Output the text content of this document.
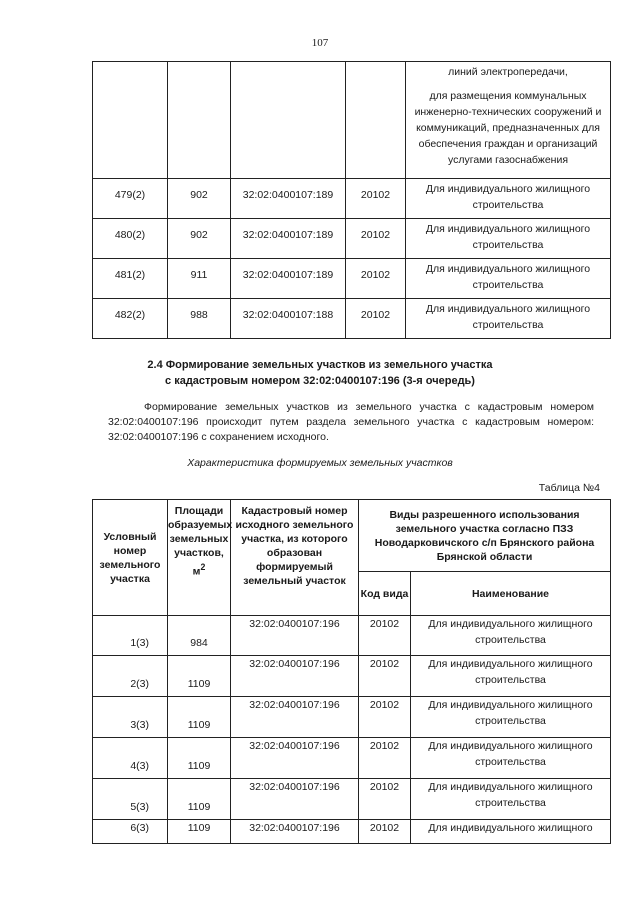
107

				линий электропередачи,

для размещения коммунальных инженерно-технических сооружений и коммуникаций, предназначенных для обеспечения граждан и организаций услугами газоснабжения

479(2)	902	32:02:0400107:189	20102	Для индивидуального жилищного строительства
480(2)	902	32:02:0400107:189	20102	Для индивидуального жилищного строительства
481(2)	911	32:02:0400107:189	20102	Для индивидуального жилищного строительства
482(2)	988	32:02:0400107:188	20102	Для индивидуального жилищного строительства
2.4 Формирование земельных участков из земельного участка
с кадастровым номером 32:02:0400107:196 (3-я очередь)
Формирование земельных участков из земельного участка с кадастровым номером 32:02:0400107:196 происходит путем раздела земельного участка с кадастровым номером: 32:02:0400107:196 с сохранением исходного.
Характеристика формируемых земельных участков
Таблица №4
Условный номер земельного участка	Площади образуемых земельных участков, $м^2$	Кадастровый номер исходного земельного участка, из которого образован формируемый земельный участок	Виды разрешенного использования земельного участка согласно ПЗЗ Новодарковичского с/п Брянского района Брянской области	
			Код вида	Наименование
1(3)	984	32:02:0400107:196	20102	Для индивидуального жилищного строительства
2(3)	1109	32:02:0400107:196	20102	Для индивидуального жилищного строительства
3(3)	1109	32:02:0400107:196	20102	Для индивидуального жилищного строительства
4(3)	1109	32:02:0400107:196	20102	Для индивидуального жилищного строительства
5(3)	1109	32:02:0400107:196	20102	Для индивидуального жилищного строительства
6(3)	1109	32:02:0400107:196	20102	Для индивидуального жилищного
